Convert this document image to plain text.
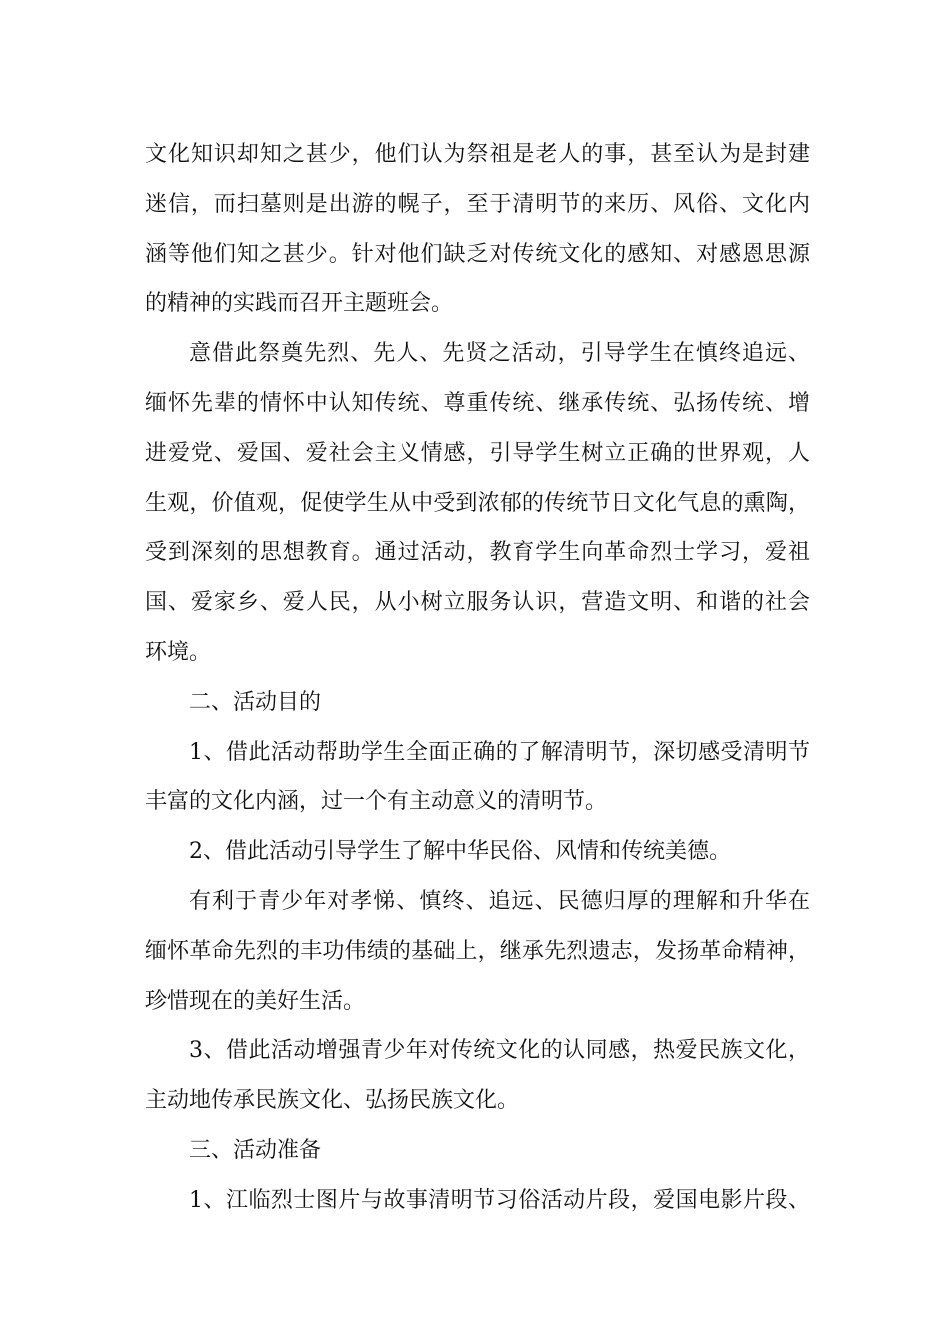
文化知识却知之甚少，他们认为祭祖是老人的事，甚至认为是封建
迷信，而扫墓则是出游的幌子，至于清明节的来历、风俗、文化内
涵等他们知之甚少。针对他们缺乏对传统文化的感知、对感恩思源
的精神的实践而召开主题班会。

意借此祭奠先烈、先人、先贤之活动，引导学生在慎终追远、
缅怀先辈的情怀中认知传统、尊重传统、继承传统、弘扬传统、增
进爱党、爱国、爱社会主义情感，引导学生树立正确的世界观，人
生观，价值观，促使学生从中受到浓郁的传统节日文化气息的熏陶，
受到深刻的思想教育。通过活动，教育学生向革命烈士学习，爱祖
国、爱家乡、爱人民，从小树立服务认识，营造文明、和谐的社会
环境。

二、活动目的

1、借此活动帮助学生全面正确的了解清明节，深切感受清明节
丰富的文化内涵，过一个有主动意义的清明节。

2、借此活动引导学生了解中华民俗、风情和传统美德。

有利于青少年对孝悌、慎终、追远、民德归厚的理解和升华在
缅怀革命先烈的丰功伟绩的基础上，继承先烈遗志，发扬革命精神，
珍惜现在的美好生活。

3、借此活动增强青少年对传统文化的认同感，热爱民族文化，
主动地传承民族文化、弘扬民族文化。

三、活动准备

1、江临烈士图片与故事清明节习俗活动片段，爱国电影片段、
